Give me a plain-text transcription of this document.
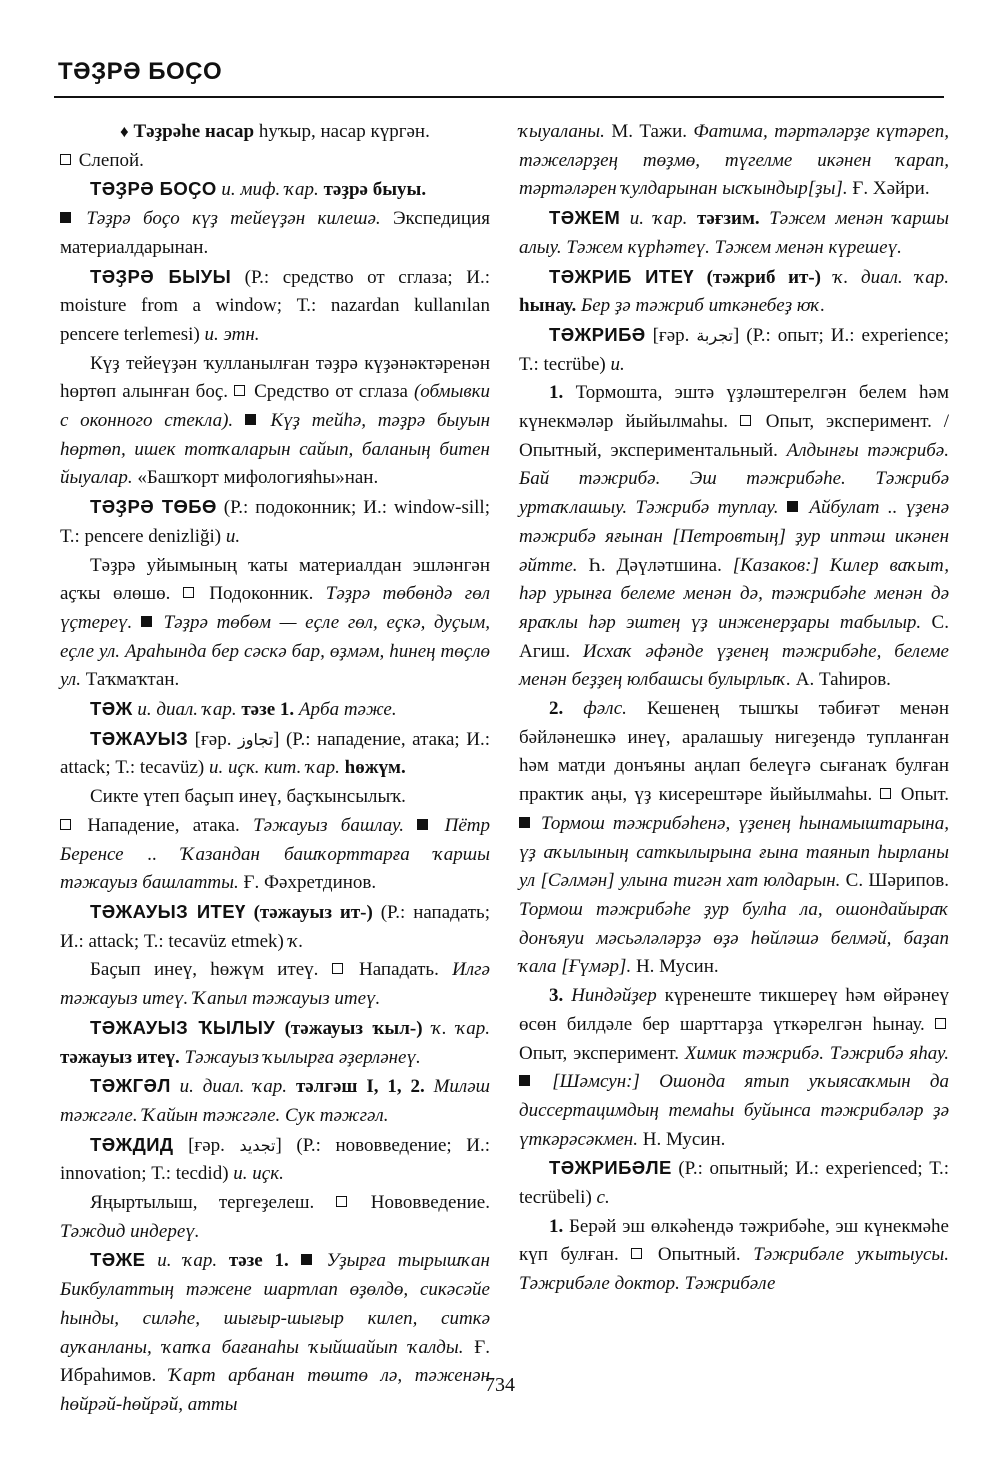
ТӘҘРӘ БОҪО

♦ Тәҙрәһе насар һуҡыр, насар күргән.
Слепой.

ТӘҘРӘ БОҪО и. миф. ҡар. тәҙрә быуы.
Тәҙрә боҫо күҙ тейеүҙән килешә. Экспедиция материалдарынан.

ТӘҘРӘ БЫУЫ (Р.: средство от сглаза; И.: moisture from a window; Т.: nazardan kullanılan pencere terlemesi) и. этн.

Күҙ тейеүҙән ҡулланылған тәҙрә күҙәнәктәренән һөртөп алынған боҫ.  Средство от сглаза (обмывки с оконного стекла).  Күҙ тейһә, тәҙрә быуын һөртөп, ишек тотҡаларын сайып, баланың битен йыуалар. «Башҡорт мифологияһы»нан.

ТӘҘРӘ ТӨБӨ (Р.: подоконник; И.: window-sill; Т.: pencere denizliği) и.

Тәҙрә уйымының ҡаты материалдан эшләнгән аҫҡы өлөшө.  Подоконник. Тәҙрә төбөндә гөл үҫтереү.  Тәҙрә төбөм — еҫле гөл, еҫкә, дуҫым, еҫле ул. Араһында бер сәскә бар, өҙмәм, һинең төҫлө ул. Таҡмаҡтан.

ТӘЖ и. диал. ҡар. тәзе 1. Арба тәже.

ТӘЖАУЫЗ [ғәр. تجاوز] (Р.: нападение, атака; И.: attack; Т.: tecavüz) и. иҫк. кит. ҡар. һөжүм.

Сикте үтеп баҫып инеү, баҫҡынсылыҡ.
Нападение, атака. Тәжауыз башлау.  Пётр Беренсе .. Ҡазандан башҡорттарға ҡаршы тәжауыз башлатты. Ғ. Фәхретдинов.

ТӘЖАУЫЗ ИТЕҮ (тәжауыз ит-) (Р.: нападать; И.: attack; Т.: tecavüz etmek) ҡ.

Баҫып инеү, һөжүм итеү.  Нападать. Илгә тәжауыз итеү. Ҡапыл тәжауыз итеү.

ТӘЖАУЫЗ ҠЫЛЫУ (тәжауыз ҡыл-) ҡ. ҡар. тәжауыз итеү. Тәжауыз ҡылырға әҙерләнеү.

ТӘЖГӘЛ и. диал. ҡар. тәлгәш I, 1, 2. Миләш тәжгәле. Ҡайын тәжгәле. Сук тәжгәл.

ТӘЖДИД [ғәр. تجديد] (Р.: нововведение; И.: innovation; Т.: tecdid) и. иҫк.

Яңыртылыш, тергеҙелеш.  Нововведение. Тәждид индереү.

ТӘЖЕ и. ҡар. тәзе 1.  Уҙырға тырышҡан Бикбулаттың тәжене шартлап өҙөлдө, сикәсәйе һынды, силәһе, шығыр-шығыр килеп, ситкә ауҡанланы, ҡапҡа бағанаһы ҡыйшайып ҡалды. Ғ. Ибраһимов. Ҡарт арбанан төштө лә, тәженән һөйрәй-һөйрәй, атты

ҡыуаланы. М. Тажи. Фатима, тәртәләрҙе күтәреп, тәжеләрҙең төҙмө, түгелме икәнен ҡарап, тәртәләрен ҡулдарынан ысҡындыр[ҙы]. Ғ. Хәйри.

ТӘЖЕМ и. ҡар. тәғзим. Тәжем менән ҡаршы алыу. Тәжем күрһәтеү. Тәжем менән күрешеү.

ТӘЖРИБ ИТЕҮ (тәжриб ит-) ҡ. диал. ҡар. һынау. Бер ҙә тәжриб иткәнебеҙ юҡ.

ТӘЖРИБӘ [ғәр. تجربة] (Р.: опыт; И.: experience; Т.: tecrübe) и.

1. Тормошта, эштә үҙләштерелгән белем һәм күнекмәләр йыйылмаһы.  Опыт, эксперимент. / Опытный, экспериментальный. Алдынғы тәжрибә. Бай тәжрибә. Эш тәжрибәһе. Тәжрибә уртаҡлашыу. Тәжрибә туплау.  Айбулат .. үҙенә тәжрибә яғынан [Петровтың] ҙур иптәш икәнен әйтте. Һ. Дәүләтшина. [Казаков:] Килер ваҡыт, һәр урынға белеме менән дә, тәжрибәһе менән дә яраҡлы һәр эштең үҙ инженерҙары табылыр. С. Агиш. Исхаҡ әфәнде үҙенең тәжрибәһе, белеме менән беҙҙең юлбашсы булырлыҡ. А. Таһиров.

2. фәлс. Кешенең тышҡы тәбиғәт менән бәйләнешкә инеү, аралашыу нигеҙендә тупланған һәм матди донъяны аңлап белеүгә сығанаҡ булған практик аңы, үҙ кисерештәре йыйылмаһы.  Опыт.  Тормош тәжрибәһенә, үҙенең һынамыштарына, үҙ аҡылының саткылырына ғына таянып һырланы ул [Сәлмән] улына тигән хат юлдарын. С. Шәрипов. Тормош тәжрибәһе ҙур булһа ла, ошондайыраҡ донъяуи мәсьәләләрҙә өҙә һөйләшә белмәй, баҙап ҡала [Ғүмәр]. Н. Мусин.

3. Ниндәйҙер күренеште тикшереү һәм өйрәнеү өсөн билдәле бер шарттарҙа үткәрелгән һынау.  Опыт, эксперимент. Химик тәжрибә. Тәжрибә яһау.  [Шәмсун:] Ошонда ятып уҡыясаҡмын да диссертацимдың темаһы буйынса тәжрибәләр ҙә үткәрәсәкмен. Н. Мусин.

ТӘЖРИБӘЛЕ (Р.: опытный; И.: experienced; Т.: tecrübeli) с.

1. Берәй эш өлкәһендә тәжрибәһе, эш күнекмәһе күп булған.  Опытный. Тәжрибәле уҡытыусы. Тәжрибәле доктор. Тәжрибәле

734
